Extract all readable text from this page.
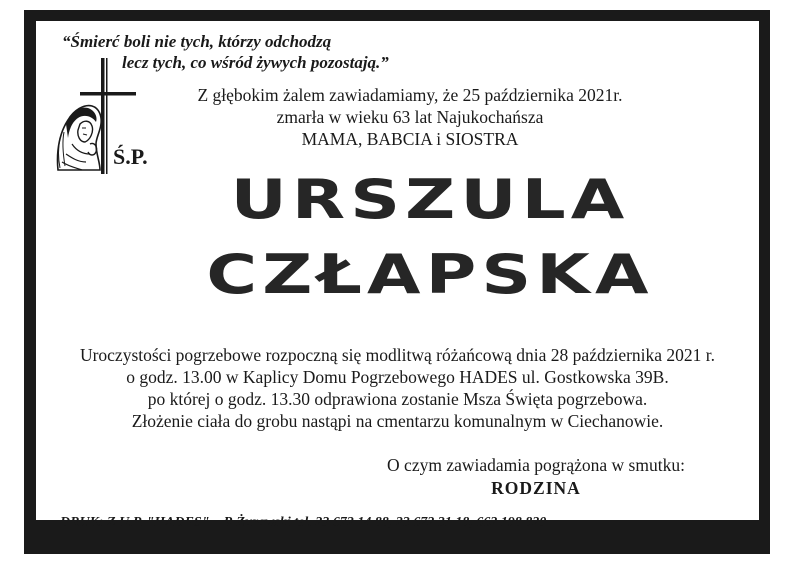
“Śmierć boli nie tych, którzy odchodzą
lecz tych, co wśród żywych pozostają.”
Ś.P.
Z głębokim żalem zawiadamiamy, że 25 października 2021r.
zmarła w wieku 63 lat Najukochańsza
MAMA, BABCIA i SIOSTRA
URSZULA
CZŁAPSKA
Uroczystości pogrzebowe rozpoczną się modlitwą różańcową dnia 28 października 2021 r.
o godz. 13.00 w Kaplicy Domu Pogrzebowego HADES ul. Gostkowska 39B.
po której o godz. 13.30 odprawiona zostanie Msza Święta pogrzebowa.
Złożenie ciała do grobu nastąpi na cmentarzu komunalnym w Ciechanowie.
O czym zawiadamia pogrążona w smutku:
RODZINA
DRUK: Z.U.P. "HADES" R.Żurawski tel. 23 672 14 88, 23 672 31 18, 662 198 820
